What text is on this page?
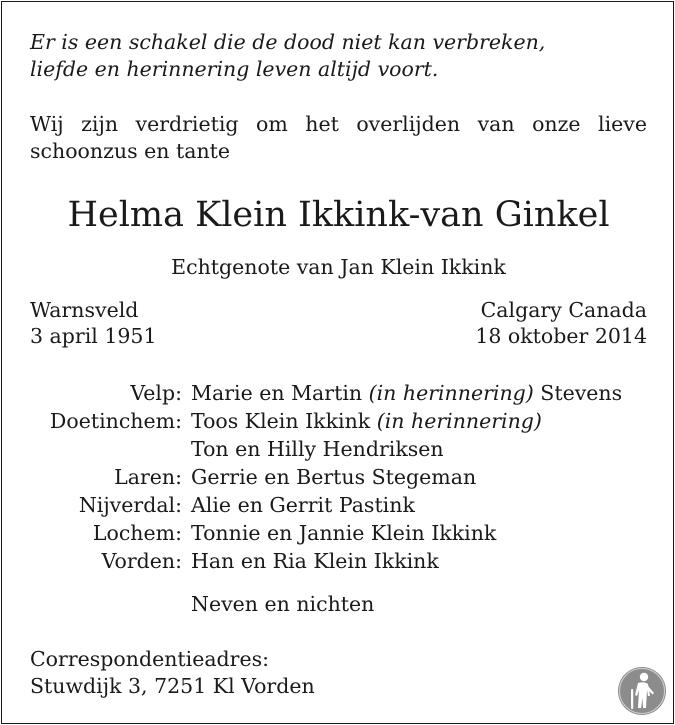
Er is een schakel die de dood niet kan verbreken,
liefde en herinnering leven altijd voort.
Wij zijn verdrietig om het overlijden van onze lieve
schoonzus en tante
Helma Klein Ikkink-van Ginkel
Echtgenote van Jan Klein Ikkink
Warnsveld
3 april 1951
Calgary Canada
18 oktober 2014
Velp: Marie en Martin (in herinnering) Stevens
Doetinchem: Toos Klein Ikkink (in herinnering)
Ton en Hilly Hendriksen
Laren: Gerrie en Bertus Stegeman
Nijverdal: Alie en Gerrit Pastink
Lochem: Tonnie en Jannie Klein Ikkink
Vorden: Han en Ria Klein Ikkink
Neven en nichten
Correspondentieadres:
Stuwdijk 3, 7251 Kl Vorden
